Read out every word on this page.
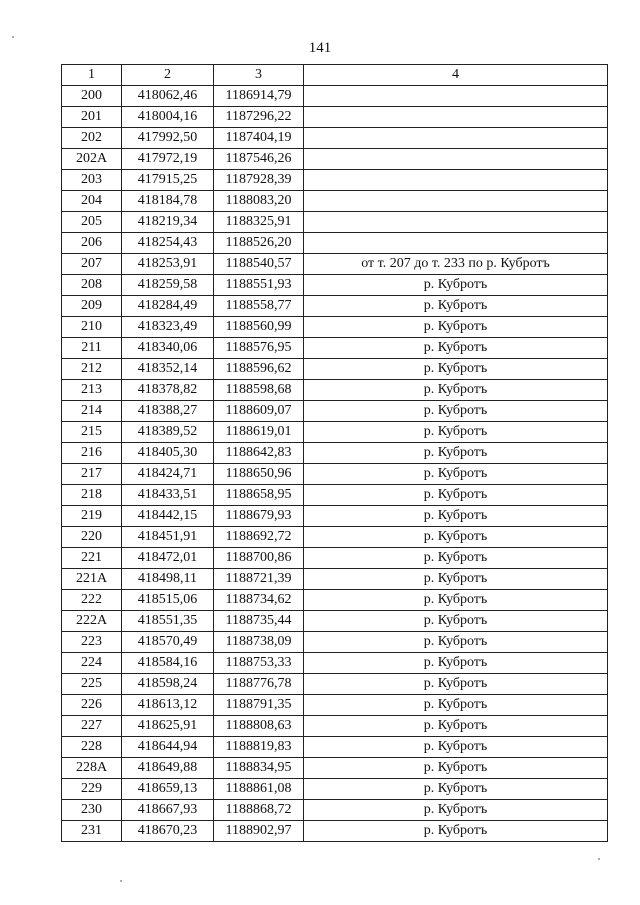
141
1	2	3	4
200	418062,46	1186914,79	
201	418004,16	1187296,22	
202	417992,50	1187404,19	
202А	417972,19	1187546,26	
203	417915,25	1187928,39	
204	418184,78	1188083,20	
205	418219,34	1188325,91	
206	418254,43	1188526,20	
207	418253,91	1188540,57	от т. 207 до т. 233 по р. Кубротъ
208	418259,58	1188551,93	р. Кубротъ
209	418284,49	1188558,77	р. Кубротъ
210	418323,49	1188560,99	р. Кубротъ
211	418340,06	1188576,95	р. Кубротъ
212	418352,14	1188596,62	р. Кубротъ
213	418378,82	1188598,68	р. Кубротъ
214	418388,27	1188609,07	р. Кубротъ
215	418389,52	1188619,01	р. Кубротъ
216	418405,30	1188642,83	р. Кубротъ
217	418424,71	1188650,96	р. Кубротъ
218	418433,51	1188658,95	р. Кубротъ
219	418442,15	1188679,93	р. Кубротъ
220	418451,91	1188692,72	р. Кубротъ
221	418472,01	1188700,86	р. Кубротъ
221А	418498,11	1188721,39	р. Кубротъ
222	418515,06	1188734,62	р. Кубротъ
222А	418551,35	1188735,44	р. Кубротъ
223	418570,49	1188738,09	р. Кубротъ
224	418584,16	1188753,33	р. Кубротъ
225	418598,24	1188776,78	р. Кубротъ
226	418613,12	1188791,35	р. Кубротъ
227	418625,91	1188808,63	р. Кубротъ
228	418644,94	1188819,83	р. Кубротъ
228А	418649,88	1188834,95	р. Кубротъ
229	418659,13	1188861,08	р. Кубротъ
230	418667,93	1188868,72	р. Кубротъ
231	418670,23	1188902,97	р. Кубротъ
